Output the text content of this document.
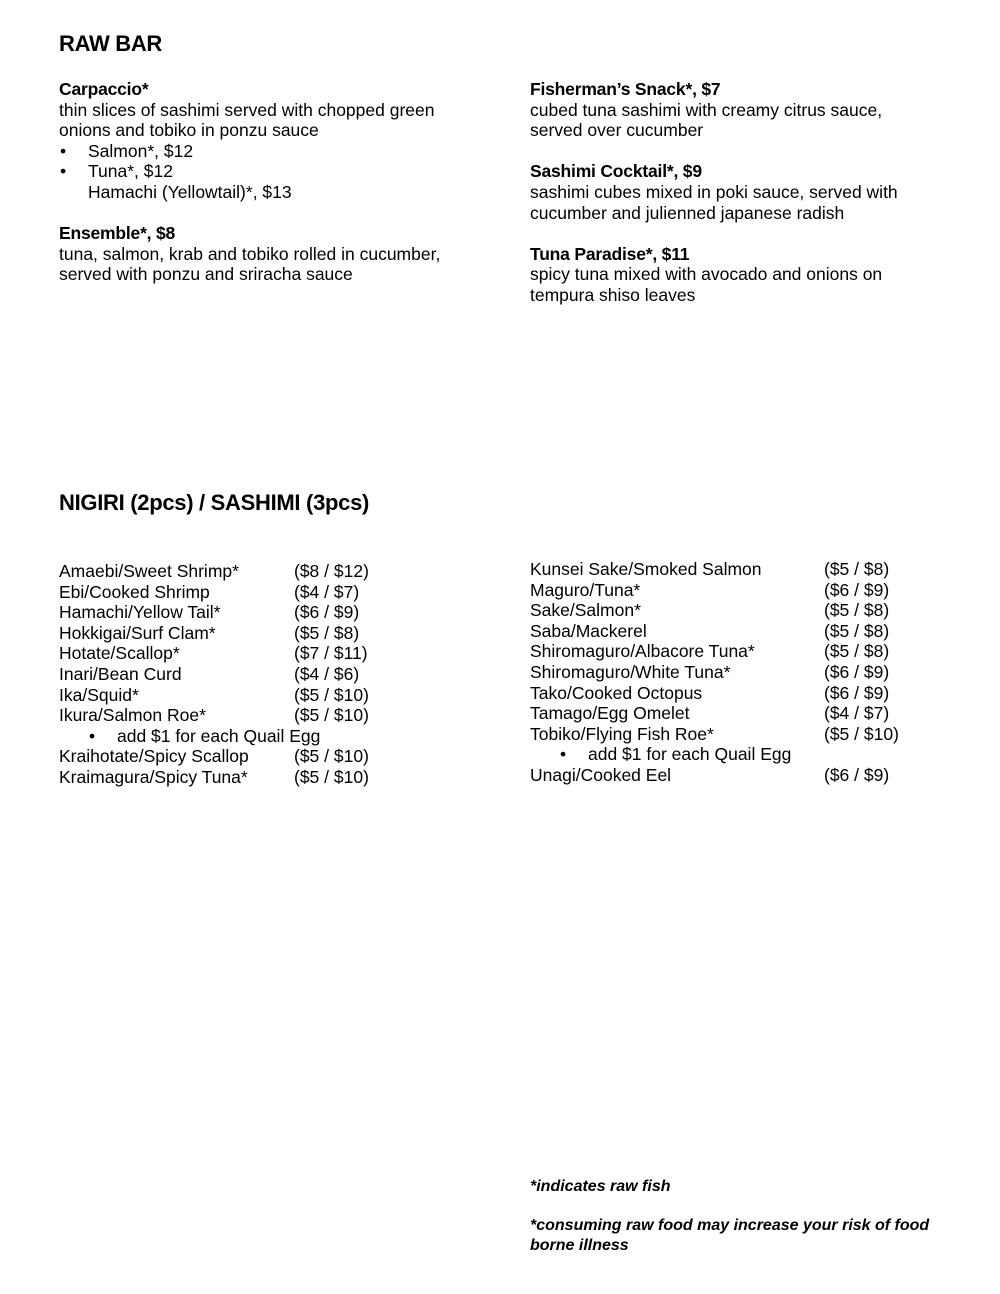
RAW BAR
Carpaccio*
thin slices of sashimi served with chopped green
onions and tobiko in ponzu sauce
• Salmon*, $12
• Tuna*, $12
Hamachi (Yellowtail)*, $13
Ensemble*, $8
tuna, salmon, krab and tobiko rolled in cucumber,
served with ponzu and sriracha sauce
Fisherman’s Snack*, $7
cubed tuna sashimi with creamy citrus sauce,
served over cucumber
Sashimi Cocktail*, $9
sashimi cubes mixed in poki sauce, served with
cucumber and julienned japanese radish
Tuna Paradise*, $11
spicy tuna mixed with avocado and onions on
tempura shiso leaves
NIGIRI (2pcs) / SASHIMI (3pcs)
Amaebi/Sweet Shrimp*	($8 / $12)
Ebi/Cooked Shrimp	($4 / $7)
Hamachi/Yellow Tail*	($6 / $9)
Hokkigai/Surf Clam*	($5 / $8)
Hotate/Scallop*	($7 / $11)
Inari/Bean Curd	($4 / $6)
Ika/Squid*	($5 / $10)
Ikura/Salmon Roe*	($5 / $10)
• add $1 for each Quail Egg
Kraihotate/Spicy Scallop	($5 / $10)
Kraimagura/Spicy Tuna*	($5 / $10)
Kunsei Sake/Smoked Salmon	($5 / $8)
Maguro/Tuna*	($6 / $9)
Sake/Salmon*	($5 / $8)
Saba/Mackerel	($5 / $8)
Shiromaguro/Albacore Tuna*	($5 / $8)
Shiromaguro/White Tuna*	($6 / $9)
Tako/Cooked Octopus	($6 / $9)
Tamago/Egg Omelet	($4 / $7)
Tobiko/Flying Fish Roe*	($5 / $10)
• add $1 for each Quail Egg
Unagi/Cooked Eel	($6 / $9)
*indicates raw fish
*consuming raw food may increase your risk of food
borne illness
